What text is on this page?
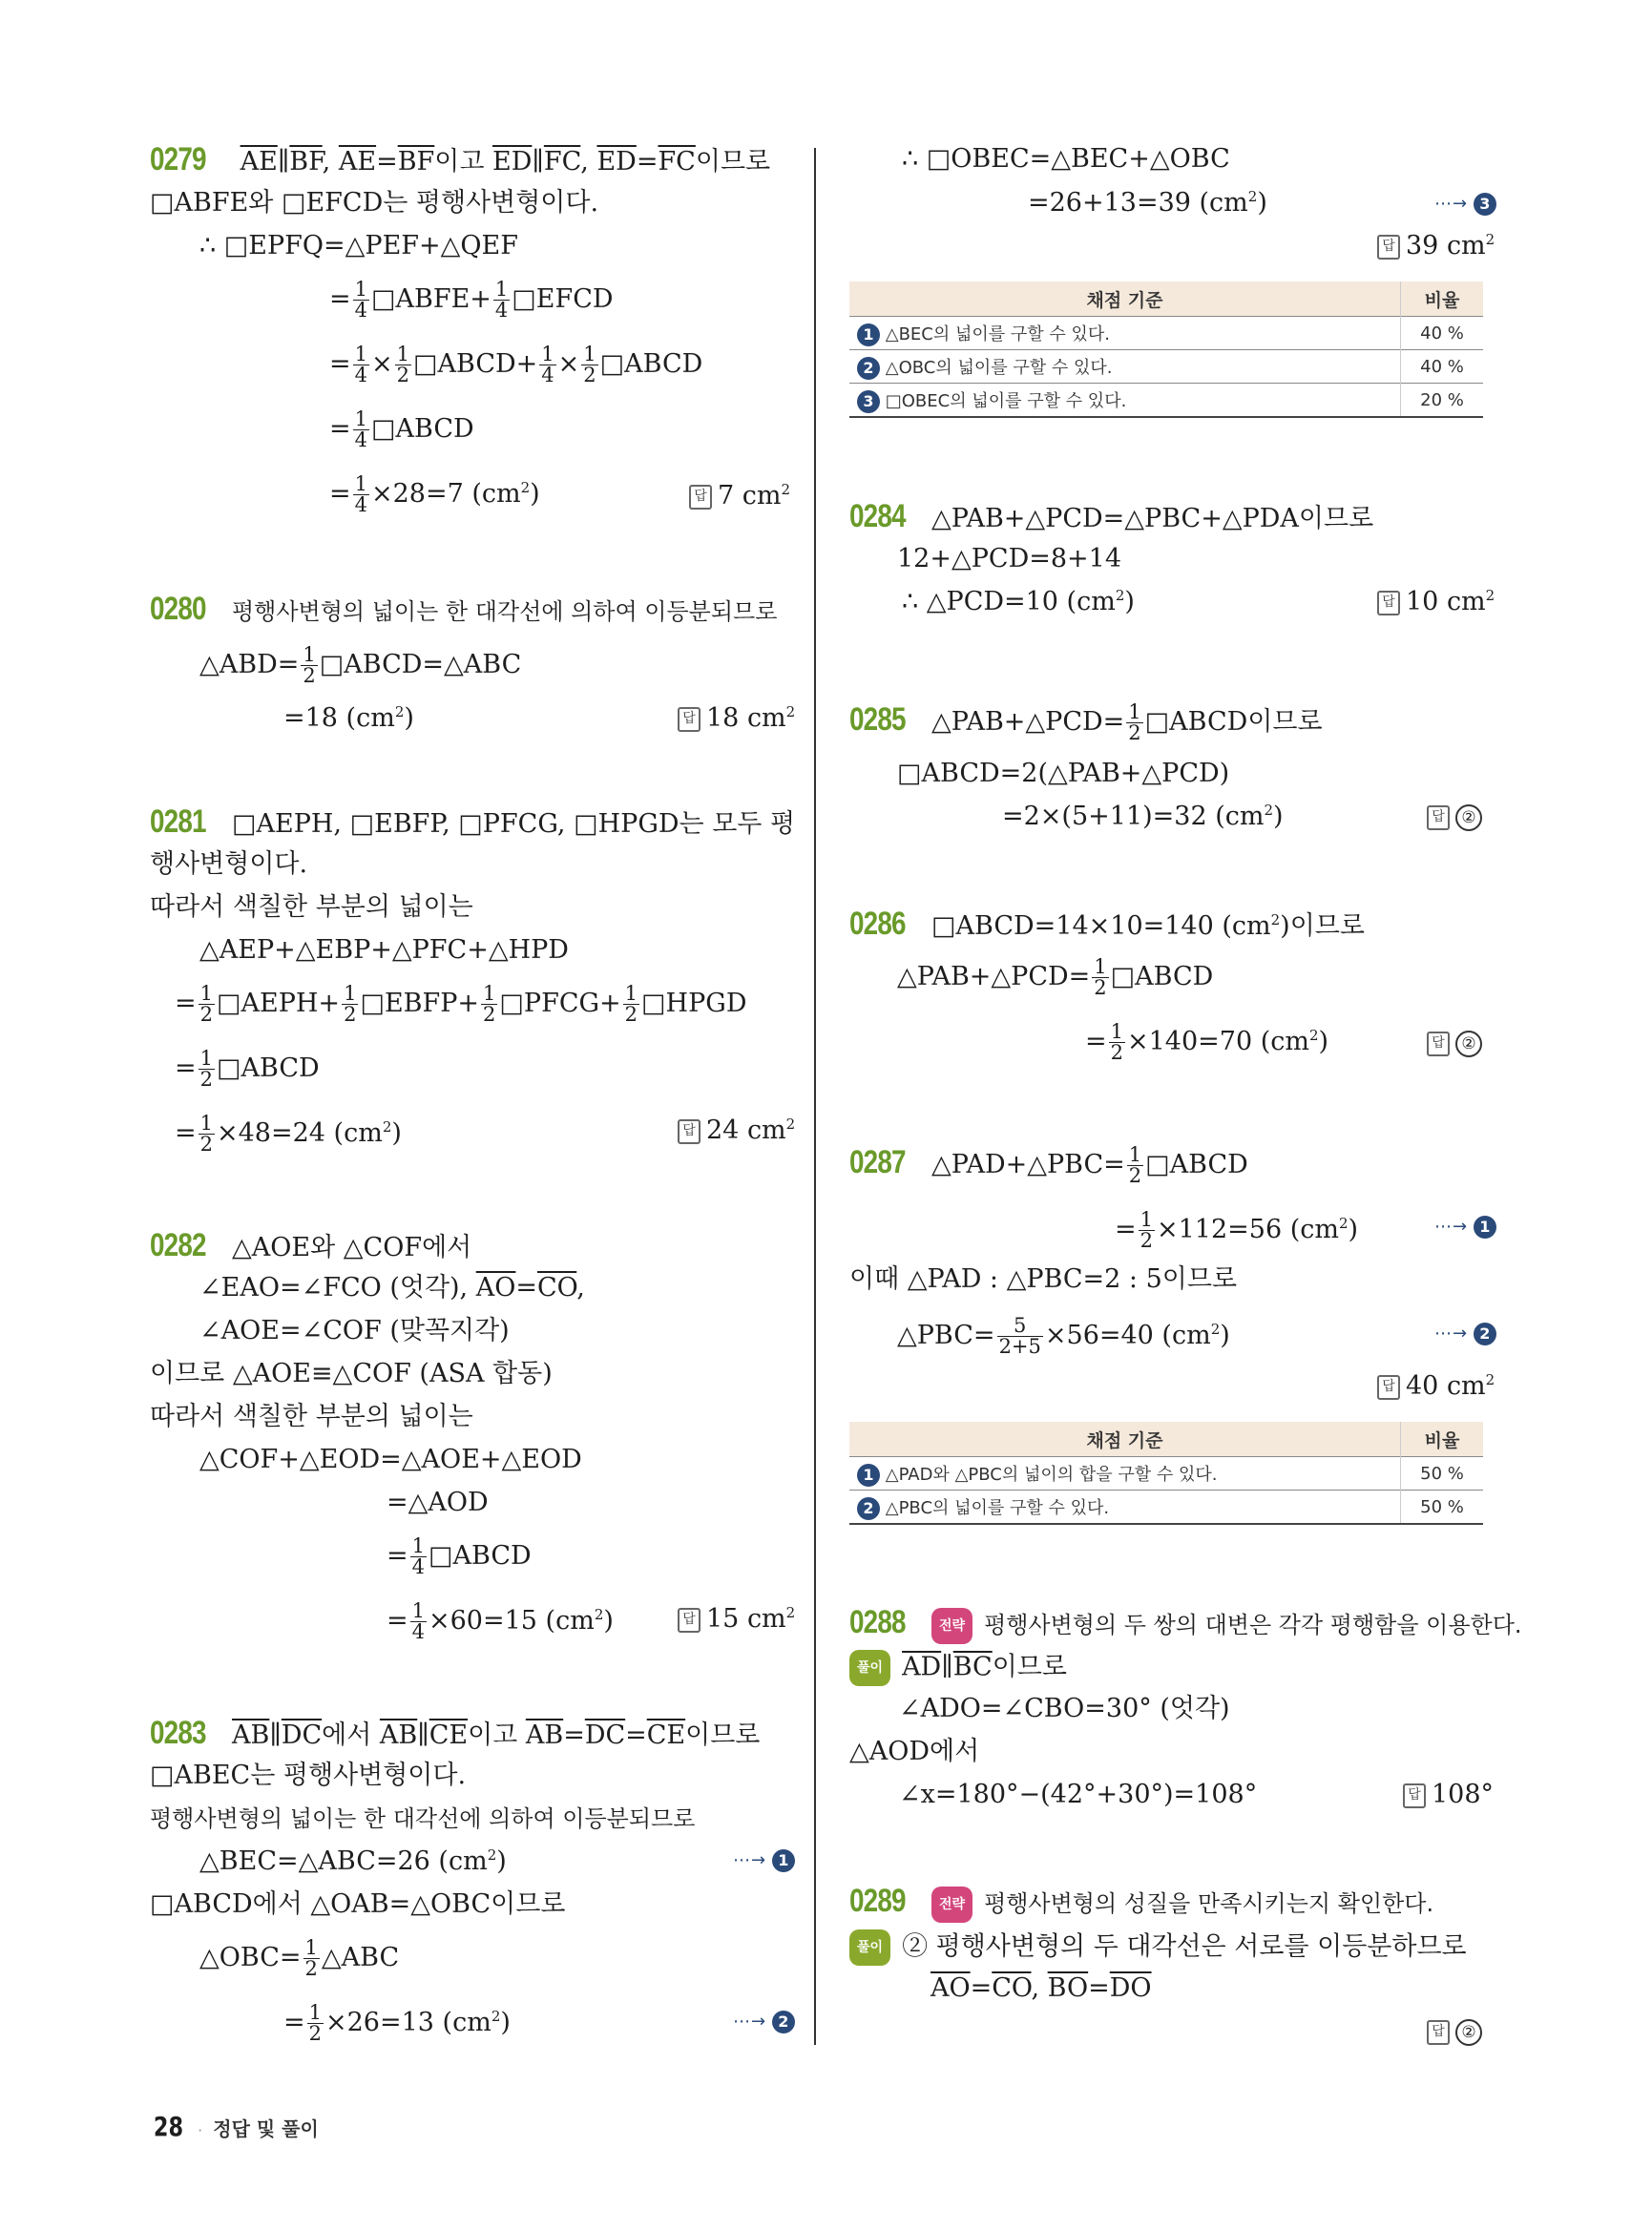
0279 $\overline{AE}\parallel\overline{BF}$, $\overline{AE}=\overline{BF}$이고 $\overline{ED}\parallel\overline{FC}$, $\overline{ED}=\overline{FC}$이므로
□ABFE와 □EFCD는 평행사변형이다.
∴ □EPFQ=△PEF+△QEF
= $\frac{1}{4}$ □ABFE+ $\frac{1}{4}$ □EFCD
= $\frac{1}{4} \times \frac{1}{2}$ □ABCD+ $\frac{1}{4} \times \frac{1}{2}$ □ABCD
= $\frac{1}{4}$ □ABCD
= $\frac{1}{4} \times 28=7$ $(cm^2)$	답 7 $cm^2$
0280 평행사변형의 넓이는 한 대각선에 의하여 이등분되므로
△ABD= $\frac{1}{2}$ □ABCD=△ABC
=18 $(cm^2)$	답 18 $cm^2$
0281 □AEPH, □EBFP, □PFCG, □HPGD는 모두 평
행사변형이다.
따라서 색칠한 부분의 넓이는
△AEP+△EBP+△PFC+△HPD
= $\frac{1}{2}$ □AEPH+ $\frac{1}{2}$ □EBFP+ $\frac{1}{2}$ □PFCG+ $\frac{1}{2}$ □HPGD
= $\frac{1}{2}$ □ABCD
= $\frac{1}{2} \times 48=24$ $(cm^2)$	답 24 $cm^2$
0282 △AOE와 △COF에서
∠EAO=∠FCO (엇각), $\overline{AO}=\overline{CO}$,
∠AOE=∠COF (맞꼭지각)
이므로 △AOE≡△COF (ASA 합동)
따라서 색칠한 부분의 넓이는
△COF+△EOD=△AOE+△EOD
=△AOD
= $\frac{1}{4}$ □ABCD
= $\frac{1}{4} \times 60=15$ $(cm^2)$	답 15 $cm^2$
0283 $\overline{AB}\parallel\overline{DC}$에서 $\overline{AB}\parallel\overline{CE}$이고 $\overline{AB}=\overline{DC}=\overline{CE}$이므로
□ABEC는 평행사변형이다.
평행사변형의 넓이는 한 대각선에 의하여 이등분되므로
△BEC=△ABC=26 $(cm^2)$	⋯→ 1
□ABCD에서 △OAB=△OBC이므로
△OBC= $\frac{1}{2}$ △ABC
= $\frac{1}{2} \times 26=13$ $(cm^2)$	⋯→ 2
∴ □OBEC=△BEC+△OBC
=26+13=39 $(cm^2)$	⋯→ 3
답 39 $cm^2$
채점 기준	비율
1 △BEC의 넓이를 구할 수 있다.	40 %
2 △OBC의 넓이를 구할 수 있다.	40 %
3 □OBEC의 넓이를 구할 수 있다.	20 %
0284 △PAB+△PCD=△PBC+△PDA이므로
12+△PCD=8+14
∴ △PCD=10 $(cm^2)$	답 10 $cm^2$
0285 △PAB+△PCD= $\frac{1}{2}$ □ABCD이므로
□ABCD=2(△PAB+△PCD)
=2×(5+11)=32 $(cm^2)$	답 ②
0286 □ABCD=14×10=140 $(cm^2)$이므로
△PAB+△PCD= $\frac{1}{2}$ □ABCD
= $\frac{1}{2} \times 140=70$ $(cm^2)$	답 ②
0287 △PAD+△PBC= $\frac{1}{2}$ □ABCD
= $\frac{1}{2} \times 112=56$ $(cm^2)$	⋯→ 1
이때 △PAD : △PBC=2 : 5이므로
△PBC= $\frac{5}{2+5} \times 56=40$ $(cm^2)$	⋯→ 2
답 40 $cm^2$
채점 기준	비율
1 △PAD와 △PBC의 넓이의 합을 구할 수 있다.	50 %
2 △PBC의 넓이를 구할 수 있다.	50 %
0288	전략 평행사변형의 두 쌍의 대변은 각각 평행함을 이용한다.
풀이 $\overline{AD}\parallel\overline{BC}$이므로
∠ADO=∠CBO=30° (엇각)
△AOD에서
∠x=180°−(42°+30°)=108°	답 108°
0289	전략 평행사변형의 성질을 만족시키는지 확인한다.
풀이 ② 평행사변형의 두 대각선은 서로를 이등분하므로
$\overline{AO}=\overline{CO}$, $\overline{BO}=\overline{DO}$
답 ②
28 · 정답 및 풀이
